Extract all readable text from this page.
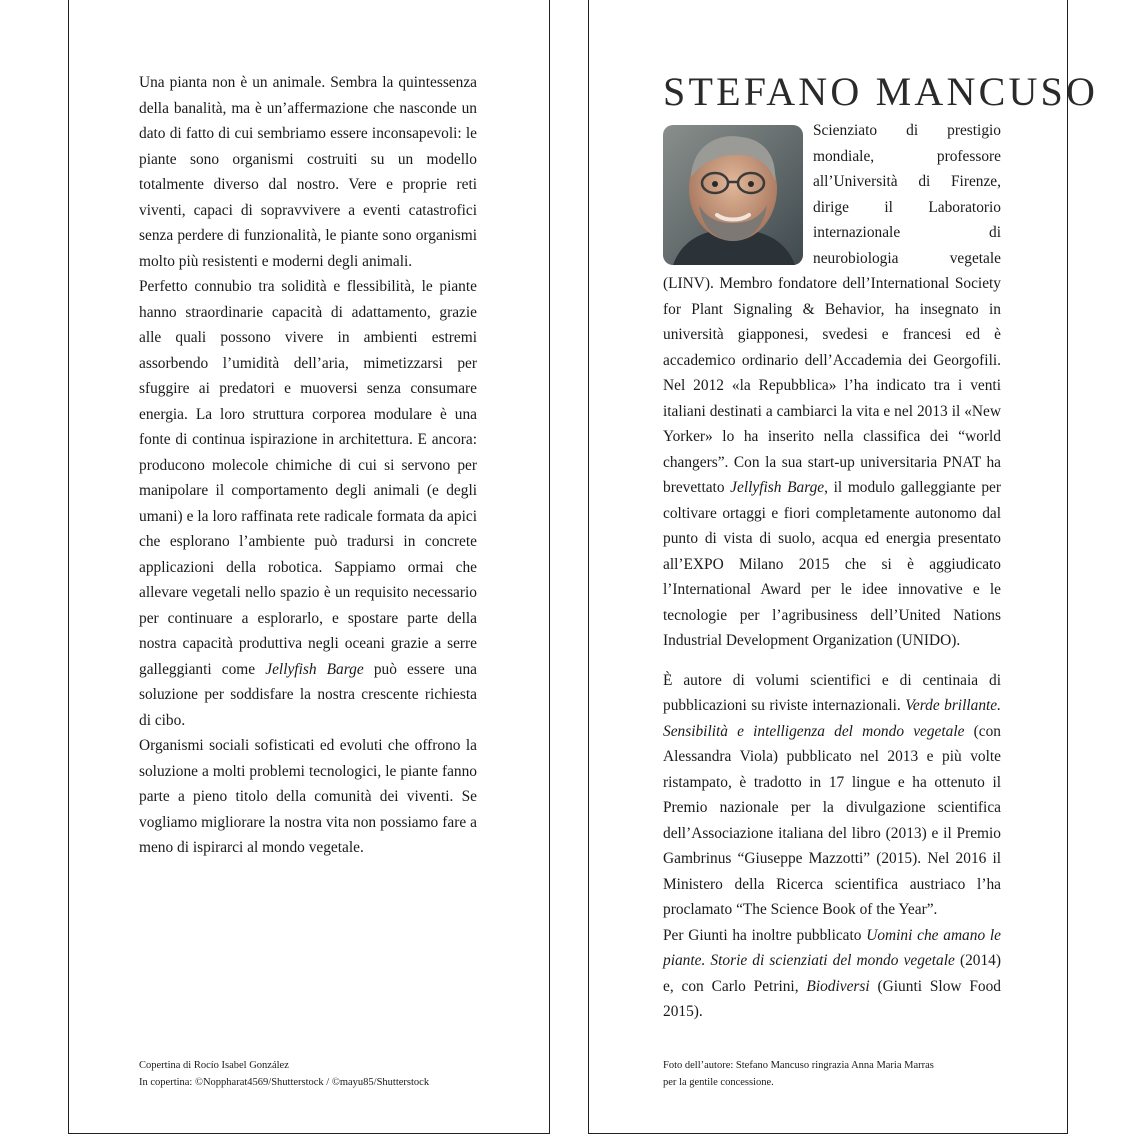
Una pianta non è un animale. Sembra la quintessenza della banalità, ma è un’affermazione che nasconde un dato di fatto di cui sembriamo essere inconsapevoli: le piante sono organismi costruiti su un modello totalmente diverso dal nostro. Vere e proprie reti viventi, capaci di sopravvivere a eventi catastrofici senza perdere di funzionalità, le piante sono organismi molto più resistenti e moderni degli animali.

Perfetto connubio tra solidità e flessibilità, le piante hanno straordinarie capacità di adattamento, grazie alle quali possono vivere in ambienti estremi assorbendo l’umidità dell’aria, mimetizzarsi per sfuggire ai predatori e muoversi senza consumare energia. La loro struttura corporea modulare è una fonte di continua ispirazione in architettura. E ancora: producono molecole chimiche di cui si servono per manipolare il comportamento degli animali (e degli umani) e la loro raffinata rete radicale formata da apici che esplorano l’ambiente può tradursi in concrete applicazioni della robotica. Sappiamo ormai che allevare vegetali nello spazio è un requisito necessario per continuare a esplorarlo, e spostare parte della nostra capacità produttiva negli oceani grazie a serre galleggianti come Jellyfish Barge può essere una soluzione per soddisfare la nostra crescente richiesta di cibo.

Organismi sociali sofisticati ed evoluti che offrono la soluzione a molti problemi tecnologici, le piante fanno parte a pieno titolo della comunità dei viventi. Se vogliamo migliorare la nostra vita non possiamo fare a meno di ispirarci al mondo vegetale.

Copertina di Rocío Isabel González
In copertina: ©Noppharat4569/Shutterstock / ©mayu85/Shutterstock
STEFANO MANCUSO

Scienziato di prestigio mondiale, professore all’Università di Firenze, dirige il Laboratorio internazionale di neurobiologia vegetale (LINV). Membro fondatore dell’International Society for Plant Signaling & Behavior, ha insegnato in università giapponesi, svedesi e francesi ed è accademico ordinario dell’Accademia dei Georgofili. Nel 2012 «la Repubblica» l’ha indicato tra i venti italiani destinati a cambiarci la vita e nel 2013 il «New Yorker» lo ha inserito nella classifica dei “world changers”. Con la sua start-up universitaria PNAT ha brevettato Jellyfish Barge, il modulo galleggiante per coltivare ortaggi e fiori completamente autonomo dal punto di vista di suolo, acqua ed energia presentato all’EXPO Milano 2015 che si è aggiudicato l’International Award per le idee innovative e le tecnologie per l’agribusiness dell’United Nations Industrial Development Organization (UNIDO).

È autore di volumi scientifici e di centinaia di pubblicazioni su riviste internazionali. Verde brillante. Sensibilità e intelligenza del mondo vegetale (con Alessandra Viola) pubblicato nel 2013 e più volte ristampato, è tradotto in 17 lingue e ha ottenuto il Premio nazionale per la divulgazione scientifica dell’Associazione italiana del libro (2013) e il Premio Gambrinus “Giuseppe Mazzotti” (2015). Nel 2016 il Ministero della Ricerca scientifica austriaco l’ha proclamato “The Science Book of the Year”.

Per Giunti ha inoltre pubblicato Uomini che amano le piante. Storie di scienziati del mondo vegetale (2014) e, con Carlo Petrini, Biodiversi (Giunti Slow Food 2015).

Foto dell’autore: Stefano Mancuso ringrazia Anna Maria Marras
per la gentile concessione.
